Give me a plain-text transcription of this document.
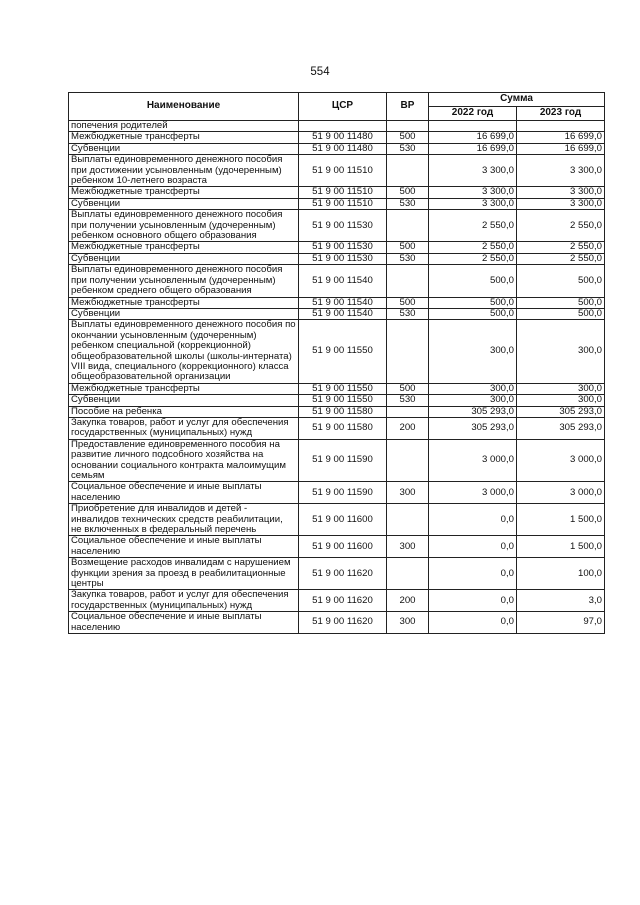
554
Наименование	ЦСР	ВР	Сумма	
			2022 год	2023 год
попечения родителей				
Межбюджетные трансферты	51 9 00 11480	500	16 699,0	16 699,0
Субвенции	51 9 00 11480	530	16 699,0	16 699,0
Выплаты единовременного денежного пособия при достижении усыновленным (удочеренным) ребенком 10-летнего возраста	51 9 00 11510		3 300,0	3 300,0
Межбюджетные трансферты	51 9 00 11510	500	3 300,0	3 300,0
Субвенции	51 9 00 11510	530	3 300,0	3 300,0
Выплаты единовременного денежного пособия при получении усыновленным (удочеренным) ребенком основного общего образования	51 9 00 11530		2 550,0	2 550,0
Межбюджетные трансферты	51 9 00 11530	500	2 550,0	2 550,0
Субвенции	51 9 00 11530	530	2 550,0	2 550,0
Выплаты единовременного денежного пособия при получении усыновленным (удочеренным) ребенком среднего общего образования	51 9 00 11540		500,0	500,0
Межбюджетные трансферты	51 9 00 11540	500	500,0	500,0
Субвенции	51 9 00 11540	530	500,0	500,0
Выплаты единовременного денежного пособия по окончании усыновленным (удочеренным) ребенком специальной (коррекционной) общеобразовательной школы (школы-интерната) VIII вида, специального (коррекционного) класса общеобразовательной организации	51 9 00 11550		300,0	300,0
Межбюджетные трансферты	51 9 00 11550	500	300,0	300,0
Субвенции	51 9 00 11550	530	300,0	300,0
Пособие на ребенка	51 9 00 11580		305 293,0	305 293,0
Закупка товаров, работ и услуг для обеспечения государственных (муниципальных) нужд	51 9 00 11580	200	305 293,0	305 293,0
Предоставление единовременного пособия на развитие личного подсобного хозяйства на основании социального контракта малоимущим семьям	51 9 00 11590		3 000,0	3 000,0
Социальное обеспечение и иные выплаты населению	51 9 00 11590	300	3 000,0	3 000,0
Приобретение для инвалидов и детей - инвалидов технических средств реабилитации, не включенных в федеральный перечень	51 9 00 11600		0,0	1 500,0
Социальное обеспечение и иные выплаты населению	51 9 00 11600	300	0,0	1 500,0
Возмещение расходов инвалидам с нарушением функции зрения за проезд в реабилитационные центры	51 9 00 11620		0,0	100,0
Закупка товаров, работ и услуг для обеспечения государственных (муниципальных) нужд	51 9 00 11620	200	0,0	3,0
Социальное обеспечение и иные выплаты населению	51 9 00 11620	300	0,0	97,0
